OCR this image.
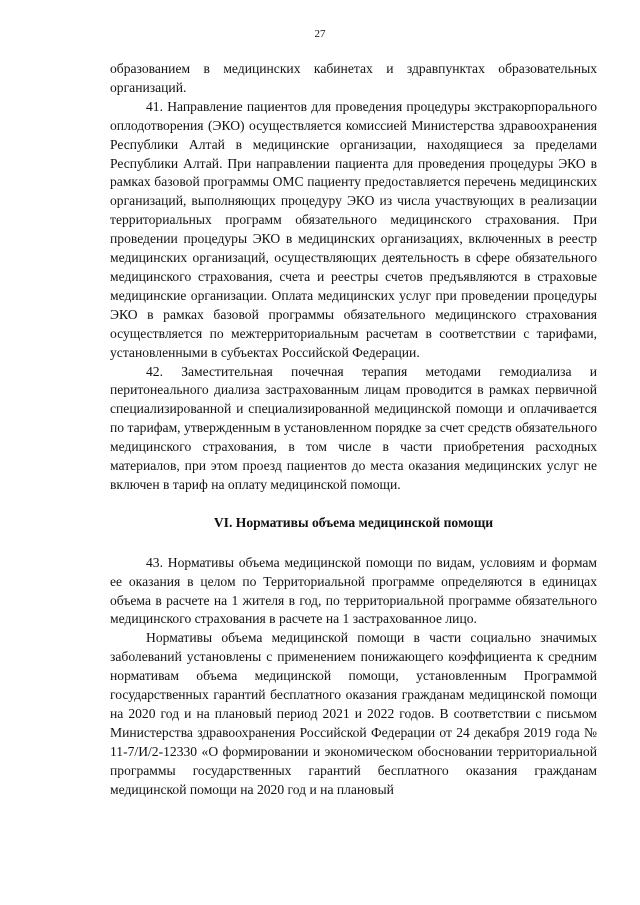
27

образованием в медицинских кабинетах и здравпунктах образовательных организаций.

41. Направление пациентов для проведения процедуры экстракорпорального оплодотворения (ЭКО) осуществляется комиссией Министерства здравоохранения Республики Алтай в медицинские организации, находящиеся за пределами Республики Алтай. При направлении пациента для проведения процедуры ЭКО в рамках базовой программы ОМС пациенту предоставляется перечень медицинских организаций, выполняющих процедуру ЭКО из числа участвующих в реализации территориальных программ обязательного медицинского страхования. При проведении процедуры ЭКО в медицинских организациях, включенных в реестр медицинских организаций, осуществляющих деятельность в сфере обязательного медицинского страхования, счета и реестры счетов предъявляются в страховые медицинские организации. Оплата медицинских услуг при проведении процедуры ЭКО в рамках базовой программы обязательного медицинского страхования осуществляется по межтерриториальным расчетам в соответствии с тарифами, установленными в субъектах Российской Федерации.

42. Заместительная почечная терапия методами гемодиализа и перитонеального диализа застрахованным лицам проводится в рамках первичной специализированной и специализированной медицинской помощи и оплачивается по тарифам, утвержденным в установленном порядке за счет средств обязательного медицинского страхования, в том числе в части приобретения расходных материалов, при этом проезд пациентов до места оказания медицинских услуг не включен в тариф на оплату медицинской помощи.

VI. Нормативы объема медицинской помощи

43. Нормативы объема медицинской помощи по видам, условиям и формам ее оказания в целом по Территориальной программе определяются в единицах объема в расчете на 1 жителя в год, по территориальной программе обязательного медицинского страхования в расчете на 1 застрахованное лицо.

Нормативы объема медицинской помощи в части социально значимых заболеваний установлены с применением понижающего коэффициента к средним нормативам объема медицинской помощи, установленным Программой государственных гарантий бесплатного оказания гражданам медицинской помощи на 2020 год и на плановый период 2021 и 2022 годов. В соответствии с письмом Министерства здравоохранения Российской Федерации от 24 декабря 2019 года № 11-7/И/2-12330 «О формировании и экономическом обосновании территориальной программы государственных гарантий бесплатного оказания гражданам медицинской помощи на 2020 год и на плановый
